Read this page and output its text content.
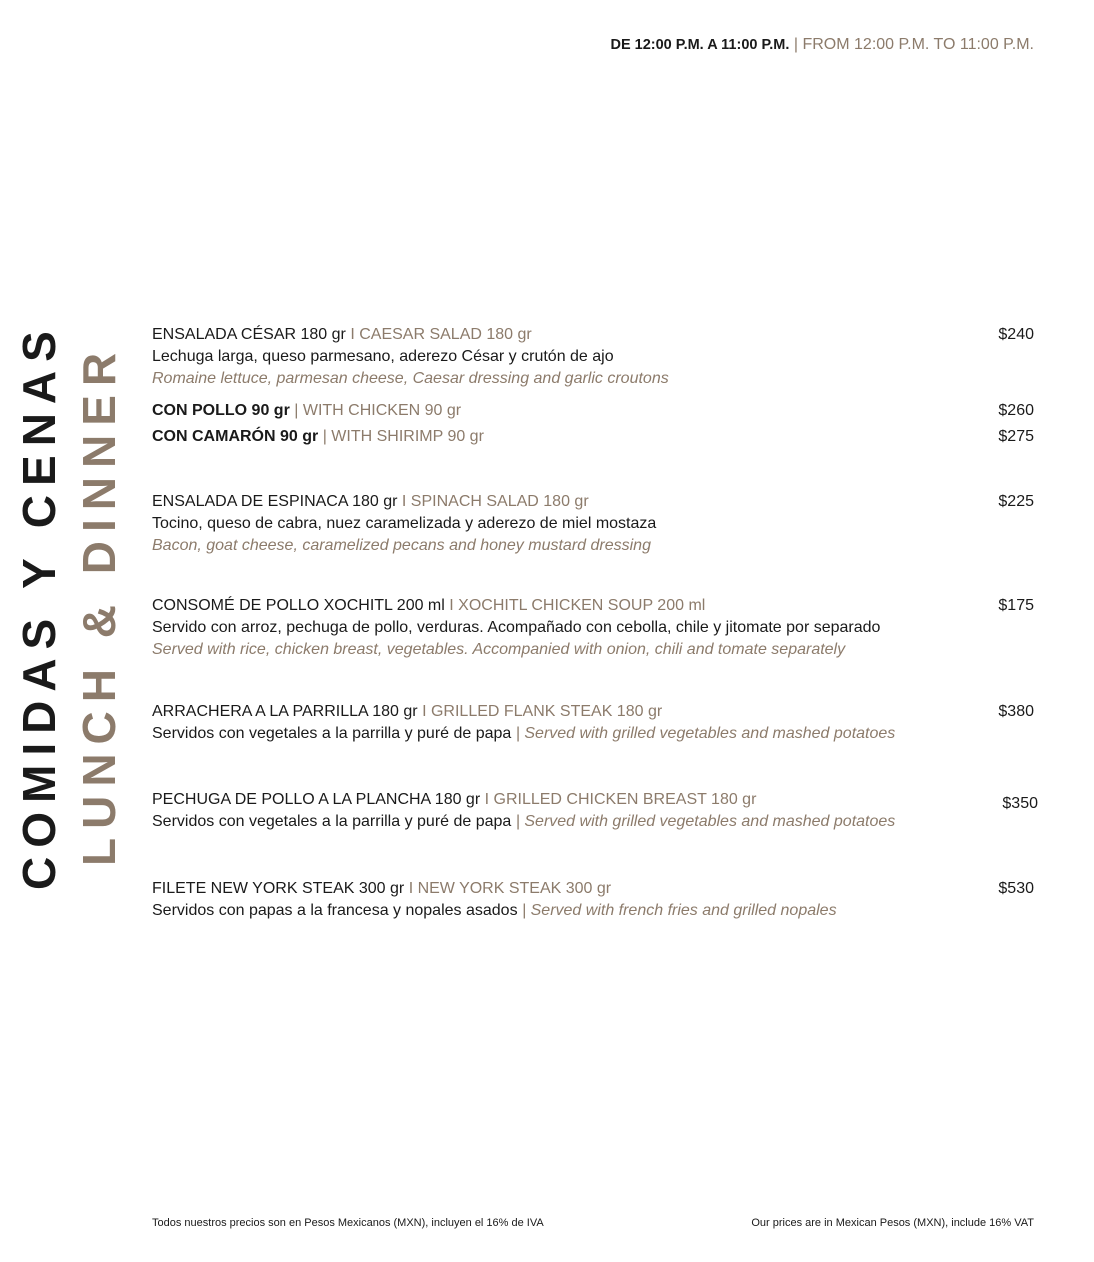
DE 12:00 P.M. A 11:00 P.M. | FROM 12:00 P.M. TO 11:00 P.M.
COMIDAS Y CENAS LUNCH & DINNER
ENSALADA CÉSAR 180 gr I CAESAR SALAD 180 gr	$240
Lechuga larga, queso parmesano, aderezo César y crutón de ajo
Romaine lettuce, parmesan cheese, Caesar dressing and garlic croutons
CON POLLO 90 gr | WITH CHICKEN 90 gr	$260
CON CAMARÓN 90 gr | WITH SHIRIMP 90 gr	$275
ENSALADA DE ESPINACA 180 gr I SPINACH SALAD 180 gr	$225
Tocino, queso de cabra, nuez caramelizada y aderezo de miel mostaza
Bacon, goat cheese, caramelized pecans and honey mustard dressing
CONSOMÉ DE POLLO XOCHITL 200 ml I XOCHITL CHICKEN SOUP 200 ml	$175
Servido con arroz, pechuga de pollo, verduras. Acompañado con cebolla, chile y jitomate por separado
Served with rice, chicken breast, vegetables. Accompanied with onion, chili and tomate separately
ARRACHERA A LA PARRILLA 180 gr I GRILLED FLANK STEAK 180 gr	$380
Servidos con vegetales a la parrilla y puré de papa | Served with grilled vegetables and mashed potatoes
PECHUGA DE POLLO A LA PLANCHA 180 gr I GRILLED CHICKEN BREAST 180 gr	$350
Servidos con vegetales a la parrilla y puré de papa | Served with grilled vegetables and mashed potatoes
FILETE NEW YORK STEAK 300 gr I NEW YORK STEAK 300 gr	$530
Servidos con papas a la francesa y nopales asados | Served with french fries and grilled nopales
Todos nuestros precios son en Pesos Mexicanos (MXN), incluyen el 16% de IVA	Our prices are in Mexican Pesos (MXN), include 16% VAT
